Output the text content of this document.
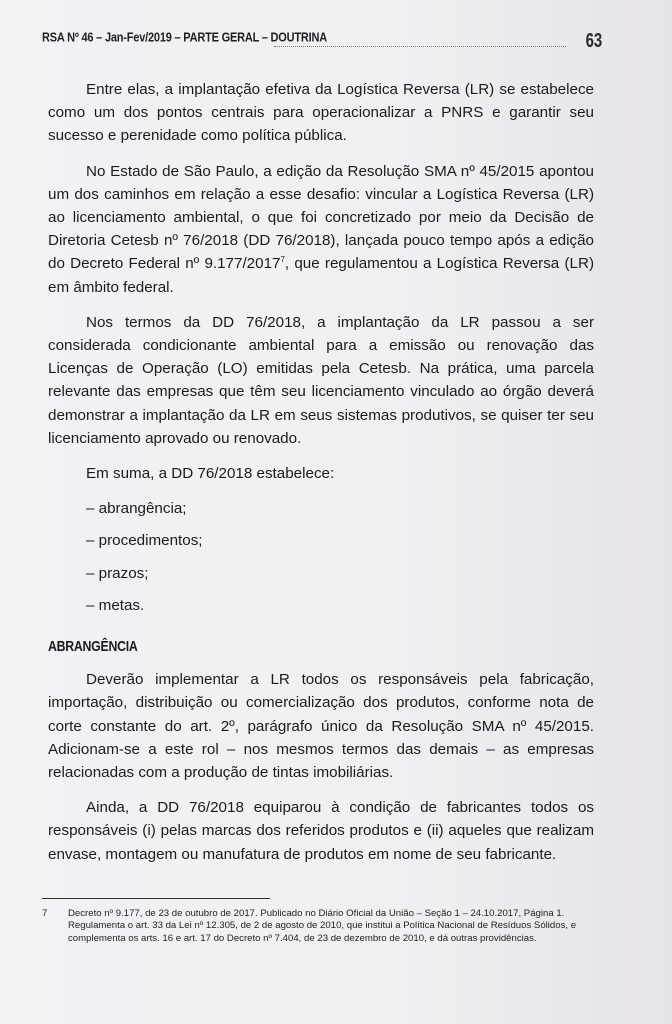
RSA Nº 46 – Jan-Fev/2019 – PARTE GERAL – DOUTRINA	63

Entre elas, a implantação efetiva da Logística Reversa (LR) se estabelece como um dos pontos centrais para operacionalizar a PNRS e garantir seu sucesso e perenidade como política pública.

No Estado de São Paulo, a edição da Resolução SMA nº 45/2015 apontou um dos caminhos em relação a esse desafio: vincular a Logística Reversa (LR) ao licenciamento ambiental, o que foi concretizado por meio da Decisão de Diretoria Cetesb nº 76/2018 (DD 76/2018), lançada pouco tempo após a edição do Decreto Federal nº 9.177/2017$^7$, que regulamentou a Logística Reversa (LR) em âmbito federal.

Nos termos da DD 76/2018, a implantação da LR passou a ser considerada condicionante ambiental para a emissão ou renovação das Licenças de Operação (LO) emitidas pela Cetesb. Na prática, uma parcela relevante das empresas que têm seu licenciamento vinculado ao órgão deverá demonstrar a implantação da LR em seus sistemas produtivos, se quiser ter seu licenciamento aprovado ou renovado.

Em suma, a DD 76/2018 estabelece:

– abrangência;
– procedimentos;
– prazos;
– metas.
ABRANGÊNCIA

Deverão implementar a LR todos os responsáveis pela fabricação, importação, distribuição ou comercialização dos produtos, conforme nota de corte constante do art. 2º, parágrafo único da Resolução SMA nº 45/2015. Adicionam-se a este rol – nos mesmos termos das demais – as empresas relacionadas com a produção de tintas imobiliárias.

Ainda, a DD 76/2018 equiparou à condição de fabricantes todos os responsáveis (i) pelas marcas dos referidos produtos e (ii) aqueles que realizam envase, montagem ou manufatura de produtos em nome de seu fabricante.

7 Decreto nº 9.177, de 23 de outubro de 2017. Publicado no Diário Oficial da União – Seção 1 – 24.10.2017, Página 1. Regulamenta o art. 33 da Lei nº 12.305, de 2 de agosto de 2010, que institui a Política Nacional de Resíduos Sólidos, e complementa os arts. 16 e art. 17 do Decreto nº 7.404, de 23 de dezembro de 2010, e dá outras providências.
